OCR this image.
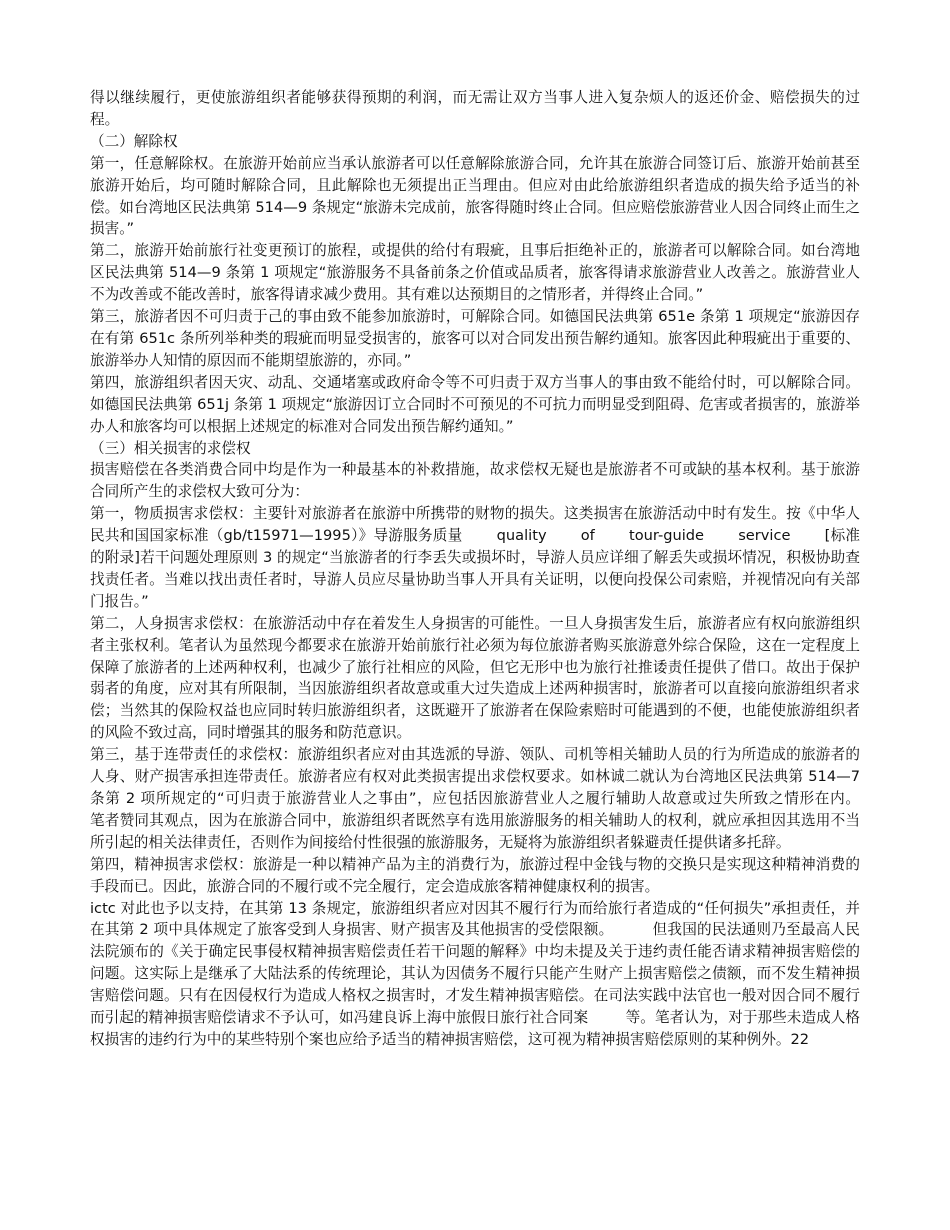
得以继续履行，更使旅游组织者能够获得预期的利润，而无需让双方当事人进入复杂烦人的返还价金、赔偿损失的过程。

（二）解除权

第一，任意解除权。在旅游开始前应当承认旅游者可以任意解除旅游合同，允许其在旅游合同签订后、旅游开始前甚至旅游开始后，均可随时解除合同，且此解除也无须提出正当理由。但应对由此给旅游组织者造成的损失给予适当的补偿。如台湾地区民法典第 514—9 条规定“旅游未完成前，旅客得随时终止合同。但应赔偿旅游营业人因合同终止而生之损害。”

第二，旅游开始前旅行社变更预订的旅程，或提供的给付有瑕疵，且事后拒绝补正的，旅游者可以解除合同。如台湾地区民法典第 514—9 条第 1 项规定“旅游服务不具备前条之价值或品质者，旅客得请求旅游营业人改善之。旅游营业人不为改善或不能改善时，旅客得请求减少费用。其有难以达预期目的之情形者，并得终止合同。”

第三，旅游者因不可归责于己的事由致不能参加旅游时，可解除合同。如德国民法典第 651e 条第 1 项规定“旅游因存在有第 651c 条所列举种类的瑕疵而明显受损害的，旅客可以对合同发出预告解约通知。旅客因此种瑕疵出于重要的、旅游举办人知情的原因而不能期望旅游的，亦同。”

第四，旅游组织者因天灾、动乱、交通堵塞或政府命令等不可归责于双方当事人的事由致不能给付时，可以解除合同。如德国民法典第 651j 条第 1 项规定“旅游因订立合同时不可预见的不可抗力而明显受到阻碍、危害或者损害的，旅游举办人和旅客均可以根据上述规定的标准对合同发出预告解约通知。”

（三）相关损害的求偿权

损害赔偿在各类消费合同中均是作为一种最基本的补救措施，故求偿权无疑也是旅游者不可或缺的基本权利。基于旅游合同所产生的求偿权大致可分为：

第一，物质损害求偿权：主要针对旅游者在旅游中所携带的财物的损失。这类损害在旅游活动中时有发生。按《中华人民共和国国家标准（gb/t15971—1995）》导游服务质量       quality       of       tour-guide       service       [标准的附录]若干问题处理原则 3 的规定“当旅游者的行李丢失或损坏时，导游人员应详细了解丢失或损坏情况，积极协助查找责任者。当难以找出责任者时，导游人员应尽量协助当事人开具有关证明，以便向投保公司索赔，并视情况向有关部门报告。”

第二，人身损害求偿权：在旅游活动中存在着发生人身损害的可能性。一旦人身损害发生后，旅游者应有权向旅游组织者主张权利。笔者认为虽然现今都要求在旅游开始前旅行社必须为每位旅游者购买旅游意外综合保险，这在一定程度上保障了旅游者的上述两种权利，也减少了旅行社相应的风险，但它无形中也为旅行社推诿责任提供了借口。故出于保护弱者的角度，应对其有所限制，当因旅游组织者故意或重大过失造成上述两种损害时，旅游者可以直接向旅游组织者求偿；当然其的保险权益也应同时转归旅游组织者，这既避开了旅游者在保险索赔时可能遇到的不便，也能使旅游组织者的风险不致过高，同时增强其的服务和防范意识。

第三，基于连带责任的求偿权：旅游组织者应对由其选派的导游、领队、司机等相关辅助人员的行为所造成的旅游者的人身、财产损害承担连带责任。旅游者应有权对此类损害提出求偿权要求。如林诚二就认为台湾地区民法典第 514—7 条第 2 项所规定的“可归责于旅游营业人之事由”，应包括因旅游营业人之履行辅助人故意或过失所致之情形在内。        笔者赞同其观点，因为在旅游合同中，旅游组织者既然享有选用旅游服务的相关辅助人的权利，就应承担因其选用不当所引起的相关法律责任，否则作为间接给付性很强的旅游服务，无疑将为旅游组织者躲避责任提供诸多托辞。

第四，精神损害求偿权：旅游是一种以精神产品为主的消费行为，旅游过程中金钱与物的交换只是实现这种精神消费的手段而已。因此，旅游合同的不履行或不完全履行，定会造成旅客精神健康权利的损害。

ictc 对此也予以支持，在其第 13 条规定，旅游组织者应对因其不履行行为而给旅行者造成的“任何损失”承担责任，并在其第 2 项中具体规定了旅客受到人身损害、财产损害及其他损害的受偿限额。        但我国的民法通则乃至最高人民法院颁布的《关于确定民事侵权精神损害赔偿责任若干问题的解释》中均未提及关于违约责任能否请求精神损害赔偿的问题。这实际上是继承了大陆法系的传统理论，其认为因债务不履行只能产生财产上损害赔偿之债额，而不发生精神损害赔偿问题。只有在因侵权行为造成人格权之损害时，才发生精神损害赔偿。在司法实践中法官也一般对因合同不履行而引起的精神损害赔偿请求不予认可，如冯建良诉上海中旅假日旅行社合同案        等。笔者认为，对于那些未造成人格权损害的违约行为中的某些特别个案也应给予适当的精神损害赔偿，这可视为精神损害赔偿原则的某种例外。22
